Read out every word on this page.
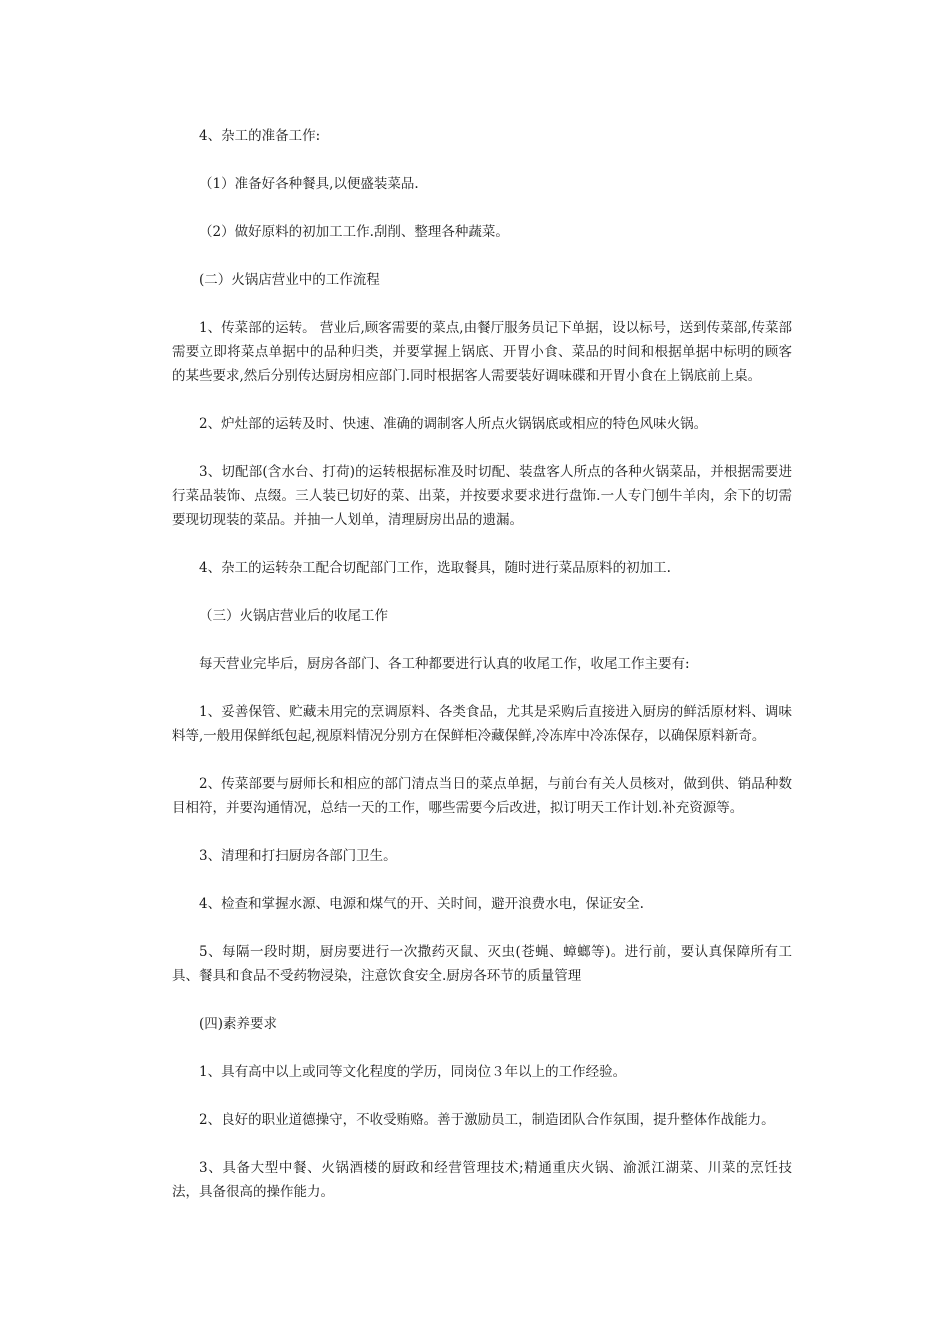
4、杂工的准备工作:

（1）准备好各种餐具,以便盛装菜品.

（2）做好原料的初加工工作.刮削、整理各种蔬菜。

(二）火锅店营业中的工作流程

1、传菜部的运转。 营业后,顾客需要的菜点,由餐厅服务员记下单据，设以标号，送到传菜部,传菜部需要立即将菜点单据中的品种归类，并要掌握上锅底、开胃小食、菜品的时间和根据单据中标明的顾客的某些要求,然后分别传达厨房相应部门.同时根据客人需要装好调味碟和开胃小食在上锅底前上桌。

2、炉灶部的运转及时、快速、准确的调制客人所点火锅锅底或相应的特色风味火锅。

3、切配部(含水台、打荷)的运转根据标准及时切配、装盘客人所点的各种火锅菜品，并根据需要进行菜品装饰、点缀。三人装已切好的菜、出菜，并按要求要求进行盘饰.一人专门刨牛羊肉，余下的切需要现切现装的菜品。并抽一人划单，清理厨房出品的遗漏。

4、杂工的运转杂工配合切配部门工作，选取餐具，随时进行菜品原料的初加工.

（三）火锅店营业后的收尾工作

每天营业完毕后，厨房各部门、各工种都要进行认真的收尾工作，收尾工作主要有:

1、妥善保管、贮藏未用完的烹调原料、各类食品，尤其是采购后直接进入厨房的鲜活原材料、调味料等,一般用保鲜纸包起,视原料情况分别方在保鲜柜冷藏保鲜,冷冻库中冷冻保存，以确保原料新奇。

2、传菜部要与厨师长和相应的部门清点当日的菜点单据，与前台有关人员核对，做到供、销品种数目相符，并要沟通情况，总结一天的工作，哪些需要今后改进，拟订明天工作计划.补充资源等。

3、清理和打扫厨房各部门卫生。

4、检查和掌握水源、电源和煤气的开、关时间，避开浪费水电，保证安全.

5、每隔一段时期，厨房要进行一次撒药灭鼠、灭虫(苍蝇、蟑螂等)。进行前，要认真保障所有工具、餐具和食品不受药物浸染，注意饮食安全.厨房各环节的质量管理

(四)素养要求

1、具有高中以上或同等文化程度的学历，同岗位３年以上的工作经验。

2、良好的职业道德操守，不收受贿赂。善于激励员工，制造团队合作氛围，提升整体作战能力。

3、具备大型中餐、火锅酒楼的厨政和经营管理技术;精通重庆火锅、渝派江湖菜、川菜的烹饪技法，具备很高的操作能力。
